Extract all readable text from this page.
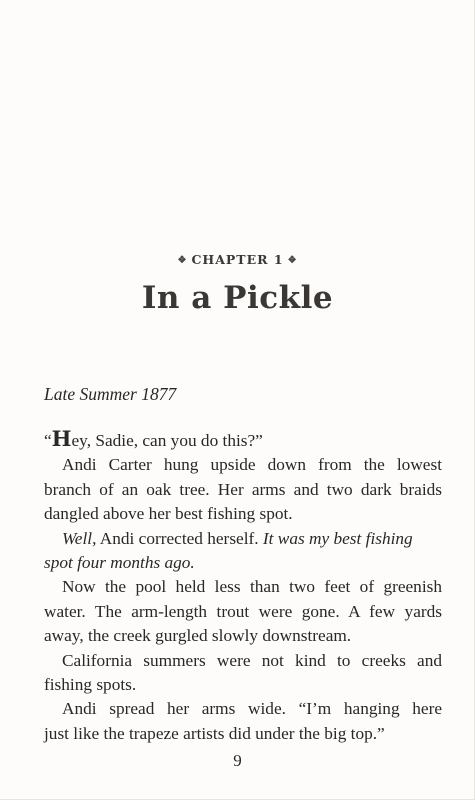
❖ CHAPTER 1 ❖
In a Pickle
Late Summer 1877
“Hey, Sadie, can you do this?”
Andi Carter hung upside down from the lowest
branch of an oak tree. Her arms and two dark braids
dangled above her best fishing spot.
Well, Andi corrected herself. It was my best fishing
spot four months ago.
Now the pool held less than two feet of greenish
water. The arm-length trout were gone. A few yards
away, the creek gurgled slowly downstream.
California summers were not kind to creeks and
fishing spots.
Andi spread her arms wide. “I’m hanging here
just like the trapeze artists did under the big top.”
9
